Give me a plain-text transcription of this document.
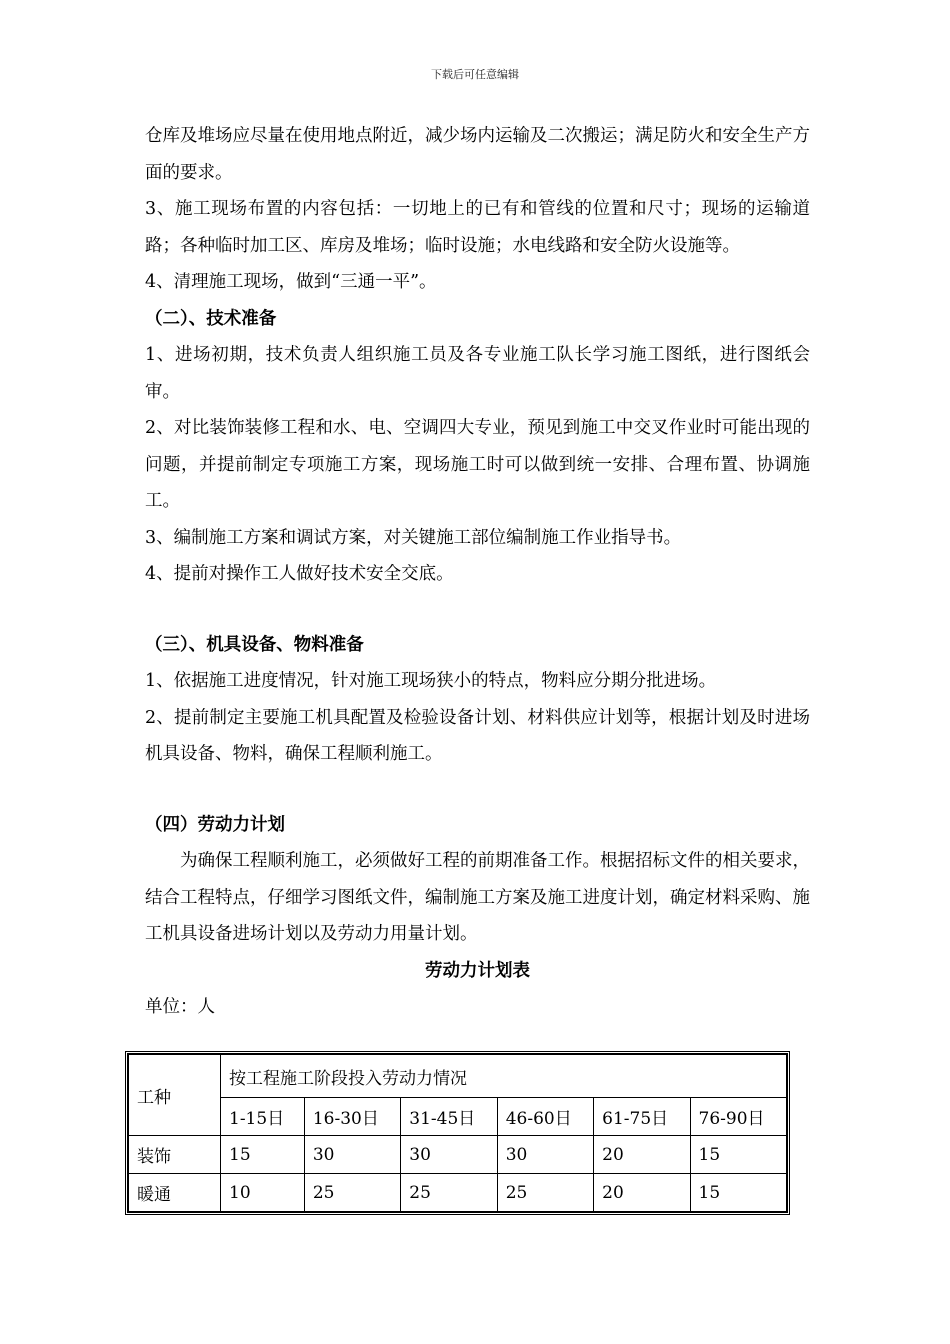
下载后可任意编辑

仓库及堆场应尽量在使用地点附近，减少场内运输及二次搬运；满足防火和安全生产方面的要求。

3、施工现场布置的内容包括：一切地上的已有和管线的位置和尺寸；现场的运输道路；各种临时加工区、库房及堆场；临时设施；水电线路和安全防火设施等。

4、清理施工现场，做到“三通一平”。

（二）、技术准备

1、进场初期，技术负责人组织施工员及各专业施工队长学习施工图纸，进行图纸会审。

2、对比装饰装修工程和水、电、空调四大专业，预见到施工中交叉作业时可能出现的问题，并提前制定专项施工方案，现场施工时可以做到统一安排、合理布置、协调施工。

3、编制施工方案和调试方案，对关键施工部位编制施工作业指导书。

4、提前对操作工人做好技术安全交底。

（三）、机具设备、物料准备

1、依据施工进度情况，针对施工现场狭小的特点，物料应分期分批进场。

2、提前制定主要施工机具配置及检验设备计划、材料供应计划等，根据计划及时进场机具设备、物料，确保工程顺利施工。

（四）劳动力计划

为确保工程顺利施工，必须做好工程的前期准备工作。根据招标文件的相关要求，结合工程特点，仔细学习图纸文件，编制施工方案及施工进度计划，确定材料采购、施工机具设备进场计划以及劳动力用量计划。

劳动力计划表

单位：人

工种	按工程施工阶段投入劳动力情况					
	1-15日	16-30日	31-45日	46-60日	61-75日	76-90日
装饰	15	30	30	30	20	15
暖通	10	25	25	25	20	15
